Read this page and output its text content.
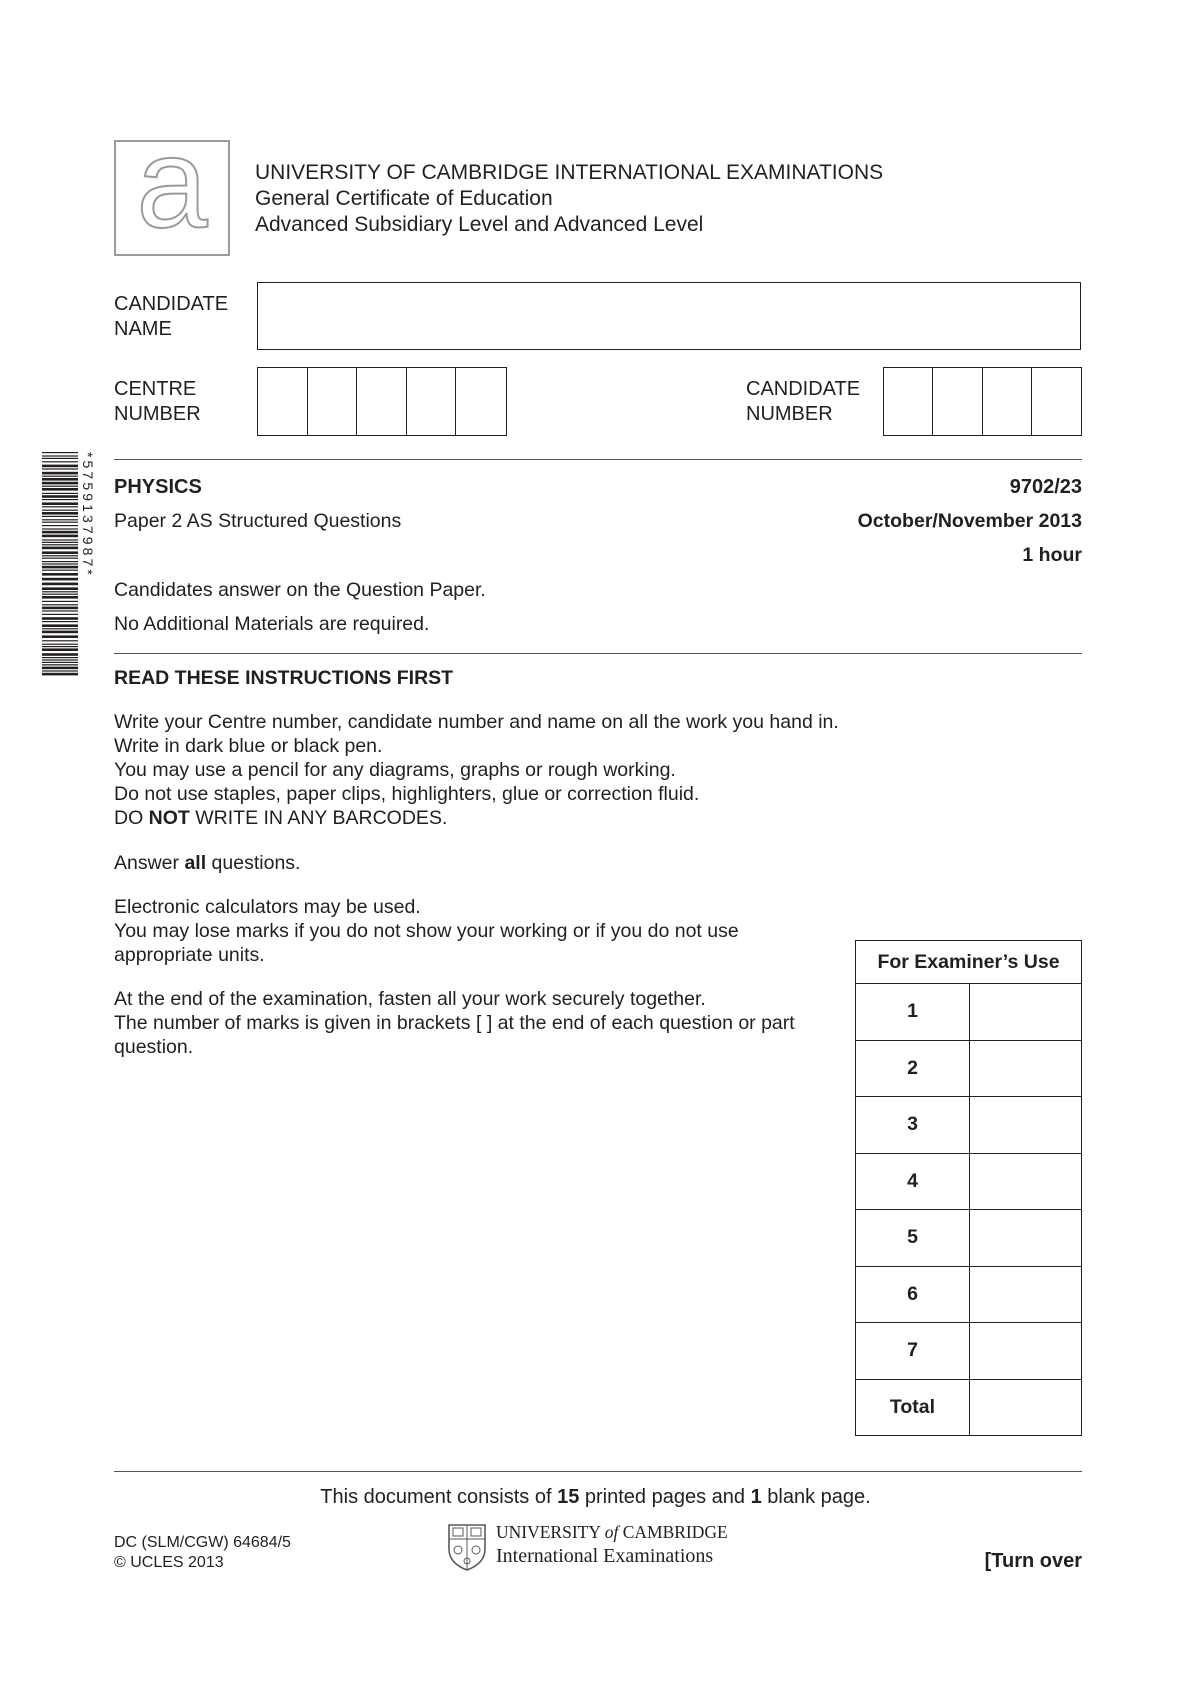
a	UNIVERSITY OF CAMBRIDGE INTERNATIONAL EXAMINATIONS
General Certificate of Education
Advanced Subsidiary Level and Advanced Level
CANDIDATE
NAME
CENTRE
NUMBER
CANDIDATE
NUMBER
*5759137987* PHYSICS	9702/23
Paper 2 AS Structured Questions	October/November 2013
1 hour
Candidates answer on the Question Paper.
No Additional Materials are required.
READ THESE INSTRUCTIONS FIRST
Write your Centre number, candidate number and name on all the work you hand in.
Write in dark blue or black pen.
You may use a pencil for any diagrams, graphs or rough working.
Do not use staples, paper clips, highlighters, glue or correction fluid.
DO NOT WRITE IN ANY BARCODES.
Answer all questions.
Electronic calculators may be used.
You may lose marks if you do not show your working or if you do not use
appropriate units.
At the end of the examination, fasten all your work securely together.
The number of marks is given in brackets [ ] at the end of each question or part
question.
For Examiner’s Use	
1	
2	
3	
4	
5	
6	
7	
Total	
This document consists of 15 printed pages and 1 blank page.
DC (SLM/CGW) 64684/5
© UCLES 2013
UNIVERSITY of CAMBRIDGE
International Examinations	[Turn over
